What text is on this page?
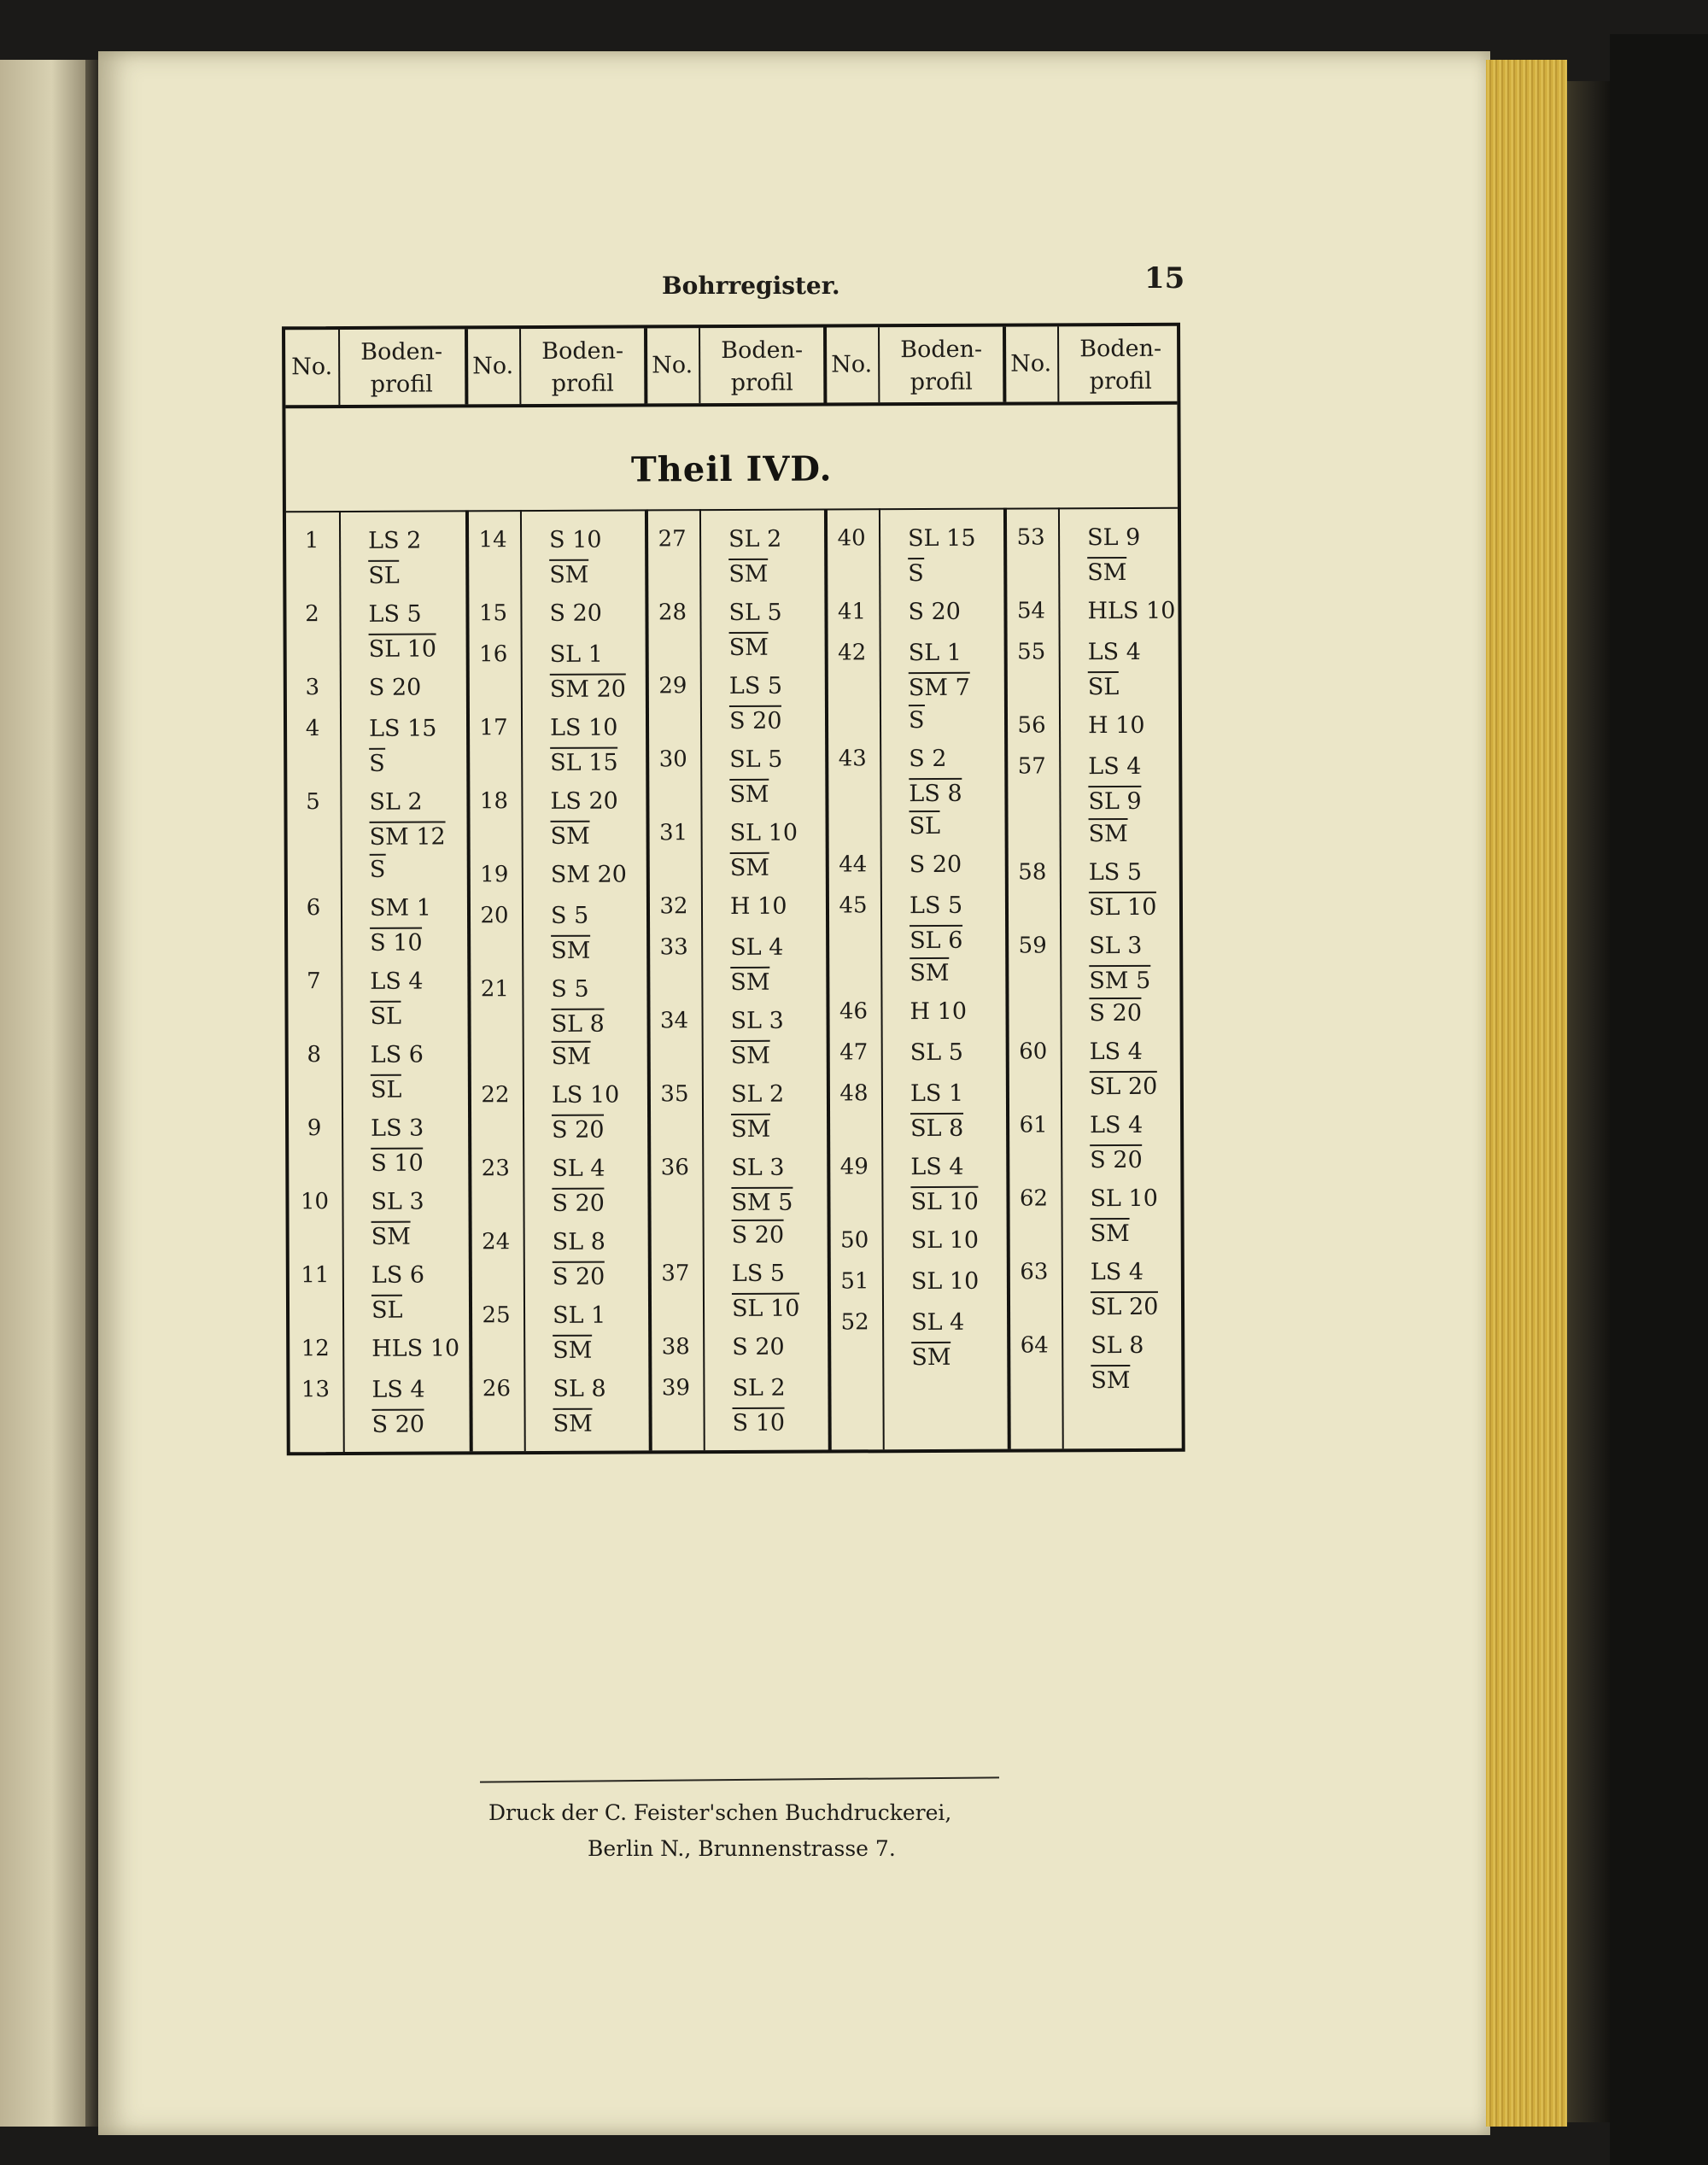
Bohrregister.	15
Theil IVD.
No.
Boden-
profil
1	LS 2
SL
2	LS 5
SL 10
3	S 20
4	LS 15
S
5	SL 2
SM 12
S
6	SM 1
S 10
7	LS 4
SL
8	LS 6
SL
9	LS 3
S 10
10	SL 3
SM
11	LS 6
SL
12	HLS 10
13	LS 4
S 20
No.
Boden-
profil
14	S 10
SM
15	S 20
16	SL 1
SM 20
17	LS 10
SL 15
18	LS 20
SM
19	SM 20
20	S 5
SM
21	S 5
SL 8
SM
22	LS 10
S 20
23	SL 4
S 20
24	SL 8
S 20
25	SL 1
SM
26	SL 8
SM
No.
Boden-
profil
27	SL 2
SM
28	SL 5
SM
29	LS 5
S 20
30	SL 5
SM
31	SL 10
SM
32	H 10
33	SL 4
SM
34	SL 3
SM
35	SL 2
SM
36	SL 3
SM 5
S 20
37	LS 5
SL 10
38	S 20
39	SL 2
S 10
No.
Boden-
profil
40	SL 15
S
41	S 20
42	SL 1
SM 7
S
43	S 2
LS 8
SL
44	S 20
45	LS 5
SL 6
SM
46	H 10
47	SL 5
48	LS 1
SL 8
49	LS 4
SL 10
50	SL 10
51	SL 10
52	SL 4
SM
No.
Boden-
profil
53	SL 9
SM
54	HLS 10
55	LS 4
SL
56	H 10
57	LS 4
SL 9
SM
58	LS 5
SL 10
59	SL 3
SM 5
S 20
60	LS 4
SL 20
61	LS 4
S 20
62	SL 10
SM
63	LS 4
SL 20
64	SL 8
SM
Druck der C. Feister'schen Buchdruckerei,
Berlin N., Brunnenstrasse 7.
